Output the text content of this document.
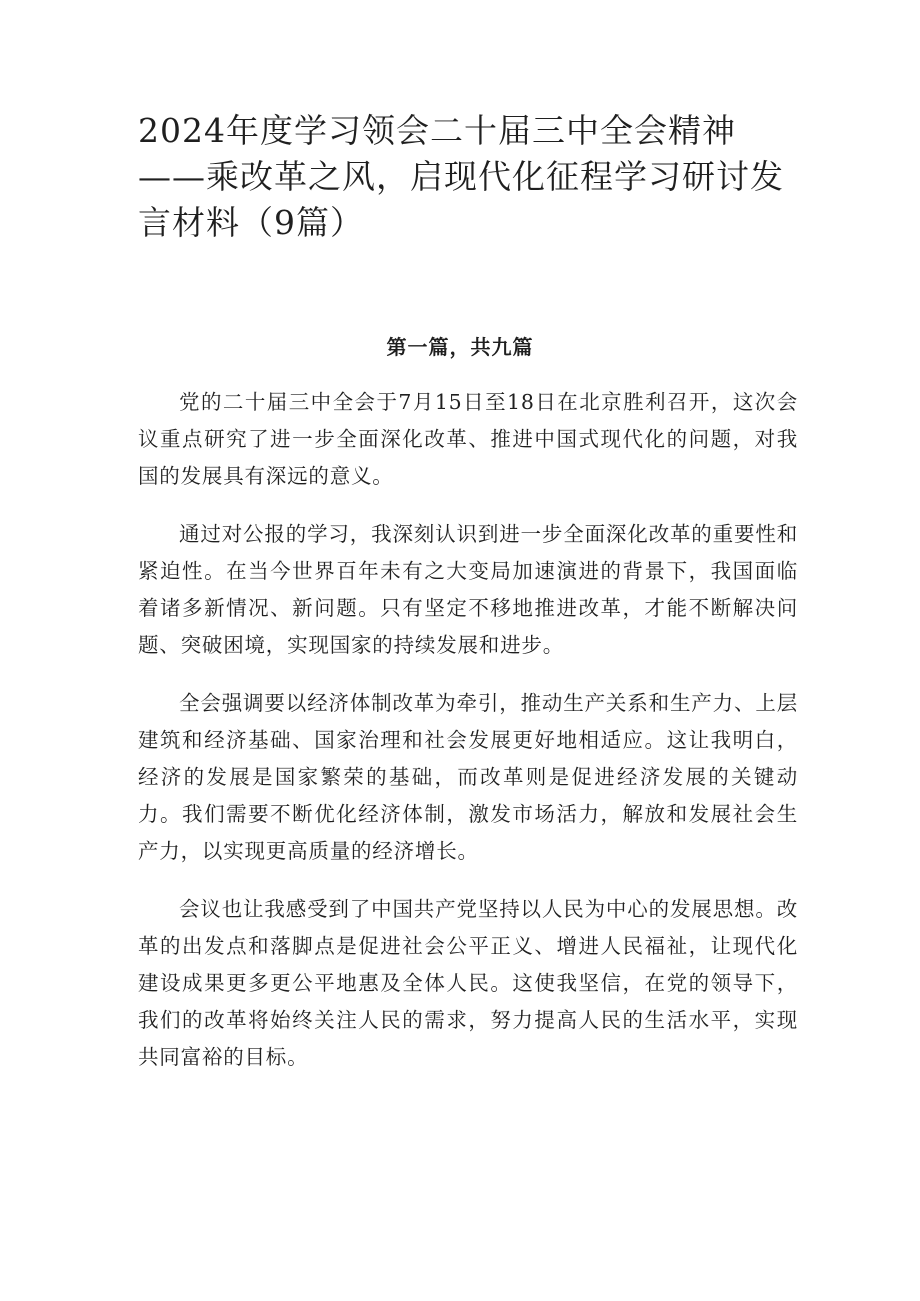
2024年度学习领会二十届三中全会精神——乘改革之风，启现代化征程学习研讨发言材料（9篇）
第一篇，共九篇

党的二十届三中全会于7月15日至18日在北京胜利召开，这次会议重点研究了进一步全面深化改革、推进中国式现代化的问题，对我国的发展具有深远的意义。

通过对公报的学习，我深刻认识到进一步全面深化改革的重要性和紧迫性。在当今世界百年未有之大变局加速演进的背景下，我国面临着诸多新情况、新问题。只有坚定不移地推进改革，才能不断解决问题、突破困境，实现国家的持续发展和进步。

全会强调要以经济体制改革为牵引，推动生产关系和生产力、上层建筑和经济基础、国家治理和社会发展更好地相适应。这让我明白，经济的发展是国家繁荣的基础，而改革则是促进经济发展的关键动力。我们需要不断优化经济体制，激发市场活力，解放和发展社会生产力，以实现更高质量的经济增长。

会议也让我感受到了中国共产党坚持以人民为中心的发展思想。改革的出发点和落脚点是促进社会公平正义、增进人民福祉，让现代化建设成果更多更公平地惠及全体人民。这使我坚信，在党的领导下，我们的改革将始终关注人民的需求，努力提高人民的生活水平，实现共同富裕的目标。
